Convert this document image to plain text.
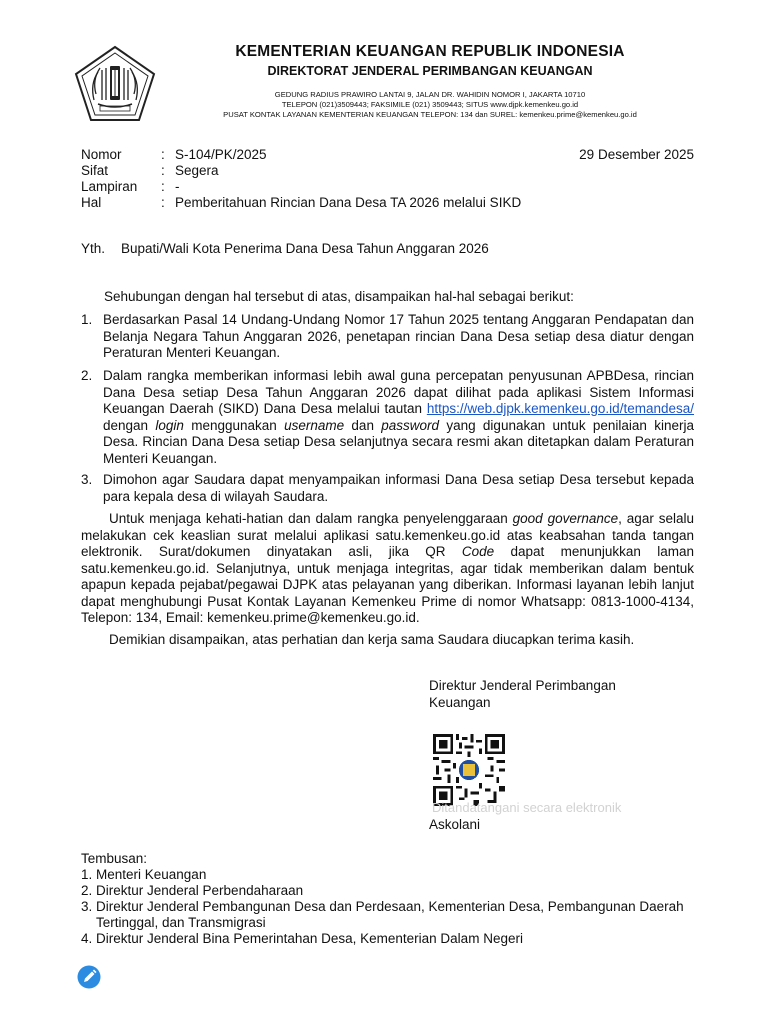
KEMENTERIAN KEUANGAN REPUBLIK INDONESIA
DIREKTORAT JENDERAL PERIMBANGAN KEUANGAN
GEDUNG RADIUS PRAWIRO LANTAI 9, JALAN DR. WAHIDIN NOMOR I, JAKARTA 10710
TELEPON (021)3509443; FAKSIMILE (021) 3509443; SITUS www.djpk.kemenkeu.go.id
PUSAT KONTAK LAYANAN KEMENTERIAN KEUANGAN TELEPON: 134 dan SUREL: kemenkeu.prime@kemenkeu.go.id
Nomor	: S-104/PK/2025
Sifat	: Segera
Lampiran	: -
Hal	: Pemberitahuan Rincian Dana Desa TA 2026 melalui SIKD
29 Desember 2025
Yth. Bupati/Wali Kota Penerima Dana Desa Tahun Anggaran 2026
Sehubungan dengan hal tersebut di atas, disampaikan hal-hal sebagai berikut:
1. Berdasarkan Pasal 14 Undang-Undang Nomor 17 Tahun 2025 tentang Anggaran Pendapatan dan Belanja Negara Tahun Anggaran 2026, penetapan rincian Dana Desa setiap desa diatur dengan Peraturan Menteri Keuangan.
2. Dalam rangka memberikan informasi lebih awal guna percepatan penyusunan APBDesa, rincian Dana Desa setiap Desa Tahun Anggaran 2026 dapat dilihat pada aplikasi Sistem Informasi Keuangan Daerah (SIKD) Dana Desa melalui tautan https://web.djpk.kemenkeu.go.id/temandesa/ dengan login menggunakan username dan password yang digunakan untuk penilaian kinerja Desa. Rincian Dana Desa setiap Desa selanjutnya secara resmi akan ditetapkan dalam Peraturan Menteri Keuangan.
3. Dimohon agar Saudara dapat menyampaikan informasi Dana Desa setiap Desa tersebut kepada para kepala desa di wilayah Saudara.
Untuk menjaga kehati-hatian dan dalam rangka penyelenggaraan good governance, agar selalu melakukan cek keaslian surat melalui aplikasi satu.kemenkeu.go.id atas keabsahan tanda tangan elektronik. Surat/dokumen dinyatakan asli, jika QR Code dapat menunjukkan laman satu.kemenkeu.go.id. Selanjutnya, untuk menjaga integritas, agar tidak memberikan dalam bentuk apapun kepada pejabat/pegawai DJPK atas pelayanan yang diberikan. Informasi layanan lebih lanjut dapat menghubungi Pusat Kontak Layanan Kemenkeu Prime di nomor Whatsapp: 0813-1000-4134, Telepon: 134, Email: kemenkeu.prime@kemenkeu.go.id.
Demikian disampaikan, atas perhatian dan kerja sama Saudara diucapkan terima kasih.
Direktur Jenderal Perimbangan
Keuangan
Ditandatangani secara elektronik
Askolani
Tembusan:
1. Menteri Keuangan
2. Direktur Jenderal Perbendaharaan
3. Direktur Jenderal Pembangunan Desa dan Perdesaan, Kementerian Desa, Pembangunan Daerah Tertinggal, dan Transmigrasi
4. Direktur Jenderal Bina Pemerintahan Desa, Kementerian Dalam Negeri
